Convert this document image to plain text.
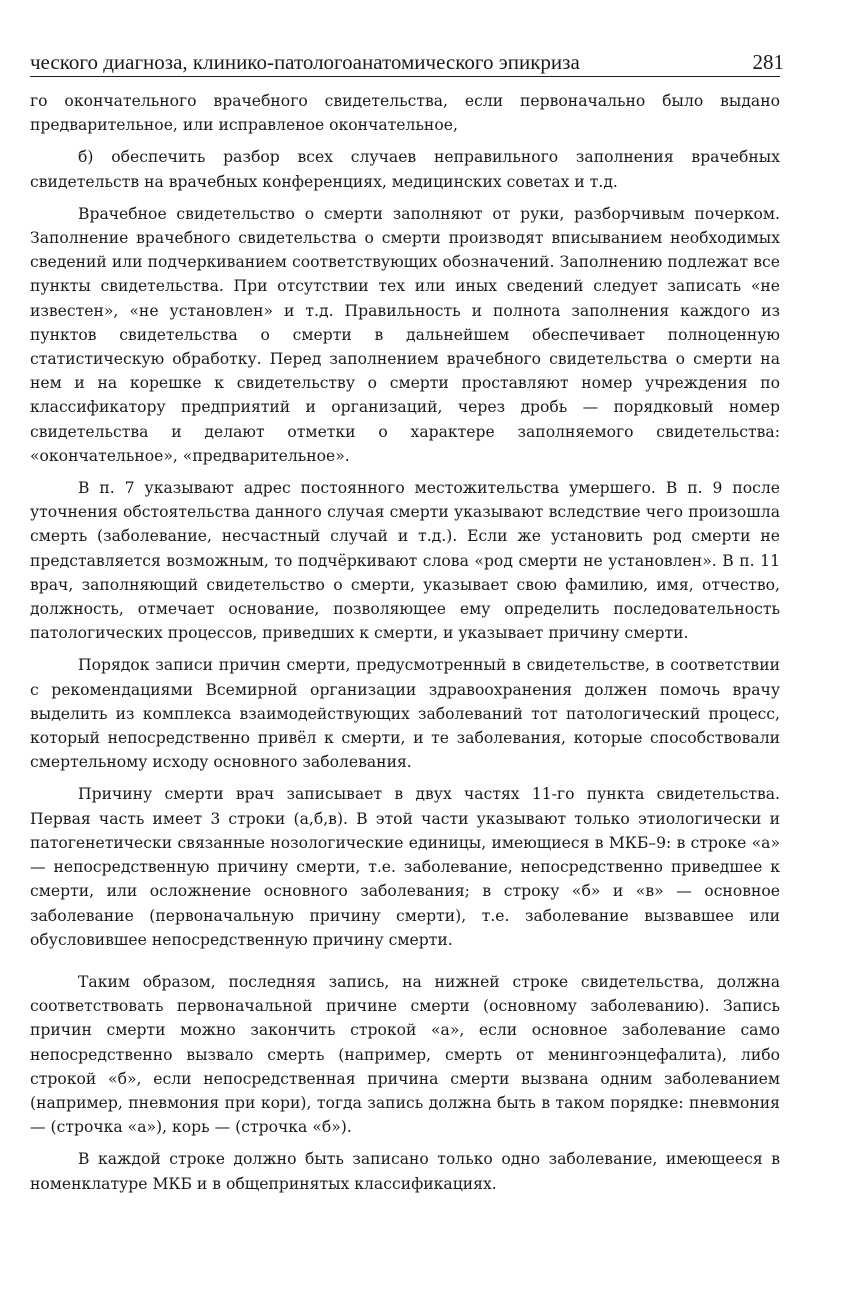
ческого диагноза, клинико-патологоанатомического эпикриза	281

го окончательного врачебного свидетельства, если первоначально было выдано предварительное, или исправленое окончательное,

б) обеспечить разбор всех случаев неправильного заполнения врачебных свидетельств на врачебных конференциях, медицинских советах и т.д.

Врачебное свидетельство о смерти заполняют от руки, разборчивым почерком. Заполнение врачебного свидетельства о смерти производят вписыванием необходимых сведений или подчеркиванием соответствующих обозначений. Заполнению подлежат все пункты свидетельства. При отсутствии тех или иных сведений следует записать «не известен», «не установлен» и т.д. Правильность и полнота заполнения каждого из пунктов свидетельства о смерти в дальнейшем обеспечивает полноценную статистическую обработку. Перед заполнением врачебного свидетельства о смерти на нем и на корешке к свидетельству о смерти проставляют номер учреждения по классификатору предприятий и организаций, через дробь — порядковый номер свидетельства и делают отметки о характере заполняемого свидетельства: «окончательное», «предварительное».

В п. 7 указывают адрес постоянного местожительства умершего. В п. 9 после уточнения обстоятельства данного случая смерти указывают вследствие чего произошла смерть (заболевание, несчастный случай и т.д.). Если же установить род смерти не представляется возможным, то подчёркивают слова «род смерти не установлен». В п. 11 врач, заполняющий свидетельство о смерти, указывает свою фамилию, имя, отчество, должность, отмечает основание, позволяющее ему определить последовательность патологических процессов, приведших к смерти, и указывает причину смерти.

Порядок записи причин смерти, предусмотренный в свидетельстве, в соответствии с рекомендациями Всемирной организации здравоохранения должен помочь врачу выделить из комплекса взаимодействующих заболеваний тот патологический процесс, который непосредственно привёл к смерти, и те заболевания, которые способствовали смертельному исходу основного заболевания.

Причину смерти врач записывает в двух частях 11-го пункта свидетельства. Первая часть имеет 3 строки (а,б,в). В этой части указывают только этиологически и патогенетически связанные нозологические единицы, имеющиеся в МКБ–9: в строке «а» — непосредственную причину смерти, т.е. заболевание, непосредственно приведшее к смерти, или осложнение основного заболевания; в строку «б» и «в» — основное заболевание (первоначальную причину смерти), т.е. заболевание вызвавшее или обусловившее непосредственную причину смерти.

Таким образом, последняя запись, на нижней строке свидетельства, должна соответствовать первоначальной причине смерти (основному заболеванию). Запись причин смерти можно закончить строкой «а», если основное заболевание само непосредственно вызвало смерть (например, смерть от менингоэнцефалита), либо строкой «б», если непосредственная причина смерти вызвана одним заболеванием (например, пневмония при кори), тогда запись должна быть в таком порядке: пневмония — (строчка «а»), корь — (строчка «б»).

В каждой строке должно быть записано только одно заболевание, имеющееся в номенклатуре МКБ и в общепринятых классификациях.
